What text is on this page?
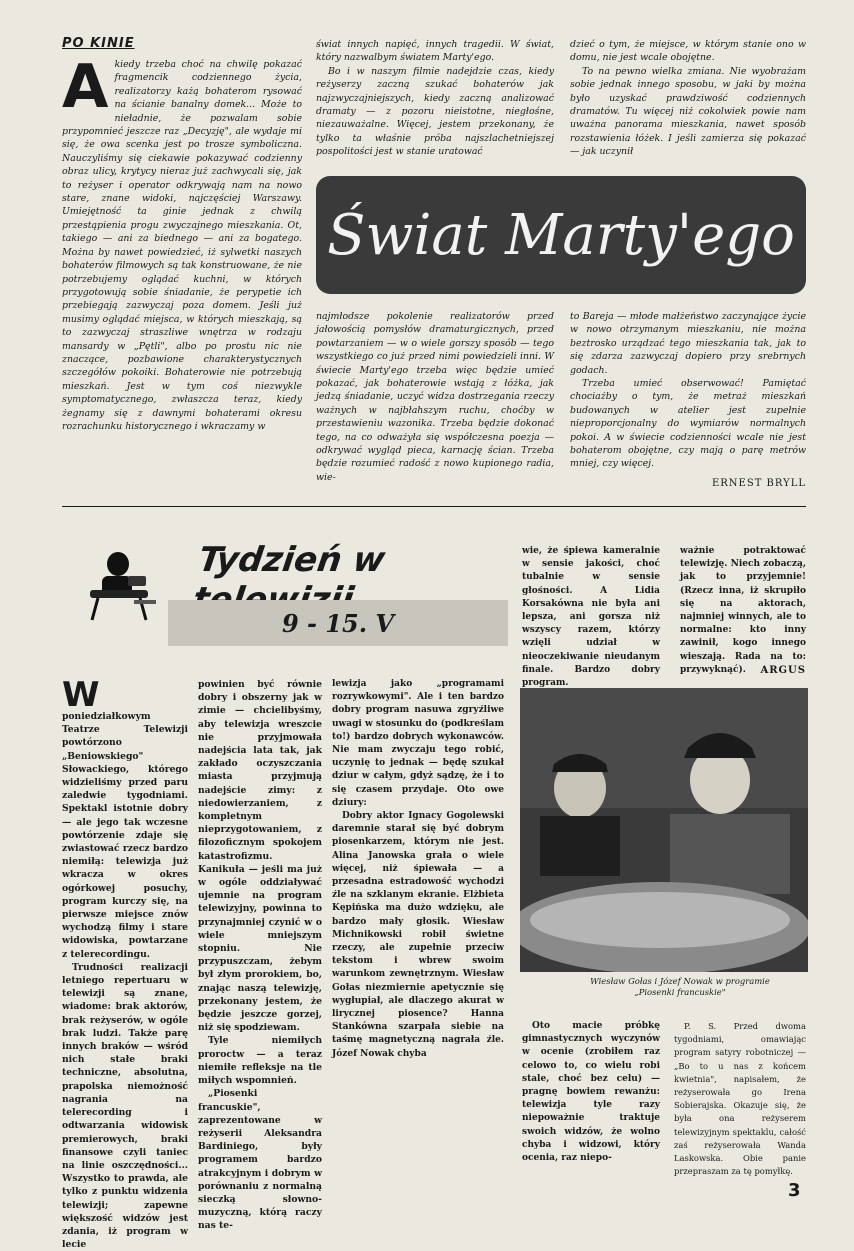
PO KINIE
A kiedy trzeba choć na chwilę pokazać fragmencik codziennego życia, realizatorzy każą bohaterom rysować na ścianie banalny domek... Może to nieładnie, że pozwalam sobie przypomnieć jeszcze raz „Decyzję", ale wydaje mi się, że owa scenka jest po trosze symboliczna. Nauczyliśmy się ciekawie pokazywać codzienny obraz ulicy, krytycy nieraz już zachwycali się, jak to reżyser i operator odkrywają nam na nowo stare, znane widoki, najczęściej Warszawy. Umiejętność ta ginie jednak z chwilą przestąpienia progu zwyczajnego mieszkania. Ot, takiego — ani za biednego — ani za bogatego. Można by nawet powiedzieć, iż sylwetki naszych bohaterów filmowych są tak konstruowane, że nie potrzebujemy oglądać kuchni, w których przygotowują sobie śniadanie, że perypetie ich przebiegają zazwyczaj poza domem. Jeśli już musimy oglądać miejsca, w których mieszkają, są to zazwyczaj straszliwe wnętrza w rodzaju mansardy w „Pętli", albo po prostu nic nie znaczące, pozbawione charakterystycznych szczegółów pokoiki. Bohaterowie nie potrzebują mieszkań. Jest w tym coś niezwykle symptomatycznego, zwłaszcza teraz, kiedy żegnamy się z dawnymi bohaterami okresu rozrachunku historycznego i wkraczamy w

świat innych napięć, innych tragedii. W świat, który nazwalbym światem Marty'ego.

Bo i w naszym filmie nadejdzie czas, kiedy reżyserzy zaczną szukać bohaterów jak najzwyczajniejszych, kiedy zaczną analizować dramaty — z pozoru nieistotne, niegłośne, niezauważalne. Więcej, jestem przekonany, że tylko ta właśnie próba najszlachetniejszej pospolitości jest w stanie uratować

dzieć o tym, że miejsce, w którym stanie ono w domu, nie jest wcale obojętne.

To na pewno wielka zmiana. Nie wyobrażam sobie jednak innego sposobu, w jaki by można było uzyskać prawdziwość codziennych dramatów. Tu więcej niż cokolwiek powie nam uważna panorama mieszkania, nawet sposób rozstawienia łóżek. I jeśli zamierza się pokazać — jak uczynił

Świat Marty'ego

najmłodsze pokolenie realizatorów przed jałowością pomysłów dramaturgicznych, przed powtarzaniem — w o wiele gorszy sposób — tego wszystkiego co już przed nimi powiedzieli inni. W świecie Marty'ego trzeba więc będzie umieć pokazać, jak bohaterowie wstają z łóżka, jak jedzą śniadanie, uczyć widza dostrzegania rzeczy ważnych w najbłahszym ruchu, choćby w przestawieniu wazonika. Trzeba będzie dokonać tego, na co odważyła się współczesna poezja — odkrywać wygląd pieca, karnację ścian. Trzeba będzie rozumieć radość z nowo kupionego radia, wie-

to Bareja — młode małżeństwo zaczynające życie w nowo otrzymanym mieszkaniu, nie można beztrosko urządzać tego mieszkania tak, jak to się zdarza zazwyczaj dopiero przy srebrnych godach.

Trzeba umieć obserwować! Pamiętać chociażby o tym, że metraż mieszkań budowanych w atelier jest zupełnie nieproporcjonalny do wymiarów normalnych pokoi. A w świecie codzienności wcale nie jest bohaterom obojętne, czy mają o parę metrów mniej, czy więcej.

ERNEST BRYLL
Tydzień w
9 - 15. V
W
poniedziałkowym Teatrze Telewizji powtórzono „Beniowskiego" Słowackiego, którego widzieliśmy przed paru zaledwie tygodniami. Spektakl istotnie dobry — ale jego tak wczesne powtórzenie zdaje się zwiastować rzecz bardzo niemiłą: telewizja już wkracza w okres ogórkowej posuchy, program kurczy się, na pierwsze miejsce znów wychodzą filmy i stare widowiska, powtarzane z telerecordingu.

Trudności realizacji letniego repertuaru w telewizji są znane, wiadome: brak aktorów, brak reżyserów, w ogóle brak ludzi. Także parę innych braków — wśród nich stałe braki techniczne, absolutna, prapolska niemożność nagrania na telerecording i odtwarzania widowisk premierowych, braki finansowe czyli taniec na linie oszczędności... Wszystko to prawda, ale tylko z punktu widzenia telewizji; zapewne większość widzów jest zdania, iż program w lecie

powinien być równie dobry i obszerny jak w zimie — chcielibyśmy, aby telewizja wreszcie nie przyjmowała nadejścia lata tak, jak zakłado oczyszczania miasta przyjmują nadejście zimy: z niedowierzaniem, z kompletnym nieprzygotowaniem, z filozoficznym spokojem katastrofizmu. Kanikuła — jeśli ma już w ogóle oddziaływać ujemnie na program telewizyjny, powinna to przynajmniej czynić w o wiele mniejszym stopniu. Nie przypuszczam, żebym był złym prorokiem, bo, znając naszą telewizję, przekonany jestem, że będzie jeszcze gorzej, niż się spodziewam.

Tyle niemiłych proroctw — a teraz niemiłe refleksje na tle miłych wspomnień.

„Piosenki francuskie", zaprezentowane w reżyserii Aleksandra Bardiniego, były programem bardzo atrakcyjnym i dobrym w porównaniu z normalną sieczką słowno-muzyczną, którą raczy nas te-

lewizja jako „programami rozrywkowymi". Ale i ten bardzo dobry program nasuwa zgryźliwe uwagi w stosunku do (podkreślam to!) bardzo dobrych wykonawców. Nie mam zwyczaju tego robić, uczynię to jednak — będę szukał dziur w całym, gdyż sądzę, że i to się czasem przydaje. Oto owe dziury:

Dobry aktor Ignacy Gogolewski daremnie starał się być dobrym piosenkarzem, którym nie jest. Alina Janowska grała o wiele więcej, niż śpiewała — a przesadna estradowość wychodzi źle na szklanym ekranie. Elżbieta Kępińska ma dużo wdzięku, ale bardzo mały głosik. Wiesław Michnikowski robił świetne rzeczy, ale zupełnie przeciw tekstom i wbrew swoim warunkom zewnętrznym. Wiesław Gołas niezmiernie apetycznie się wygłupiał, ale dlaczego akurat w lirycznej piosence? Hanna Stankówna szarpała siebie na taśmę magnetyczną nagrała źle. Józef Nowak chyba

wie, że śpiewa kameralnie w sensie jakości, choć tubalnie w sensie głośności. A Lidia Korsakówna nie była ani lepsza, ani gorsza niż wszyscy razem, którzy wzięli udział w nieoczekiwanie nieudanym finale. Bardzo dobry program.

ważnie potraktować telewizję. Niech zobaczą, jak to przyjemnie! (Rzecz inna, iż skrupiło się na aktorach, najmniej winnych, ale to normalne: kto inny zawinił, kogo innego wieszają. Rada na to: przywyknąć).	ARGUS
Wiesław Gołas i Józef Nowak w programie „Piosenki francuskie"

Oto macie próbkę gimnastycznych wyczynów w ocenie (zrobiłem raz celowo to, co wielu robi stale, choć bez celu) — pragnę bowiem rewanżu: telewizja tyle razy niepoważnie traktuje swoich widzów, że wolno chyba i widzowi, który ocenia, raz niepo-

P. S. Przed dwoma tygodniami, omawiając program satyry robotniczej — „Bo to u nas z końcem kwietnia", napisałem, że reżyserowała go Irena Sobierajska. Okazuje się, że była ona reżyserem telewizyjnym spektaklu, całość zaś reżyserowała Wanda Laskowska. Obie panie przepraszam za tę pomyłkę.

3
